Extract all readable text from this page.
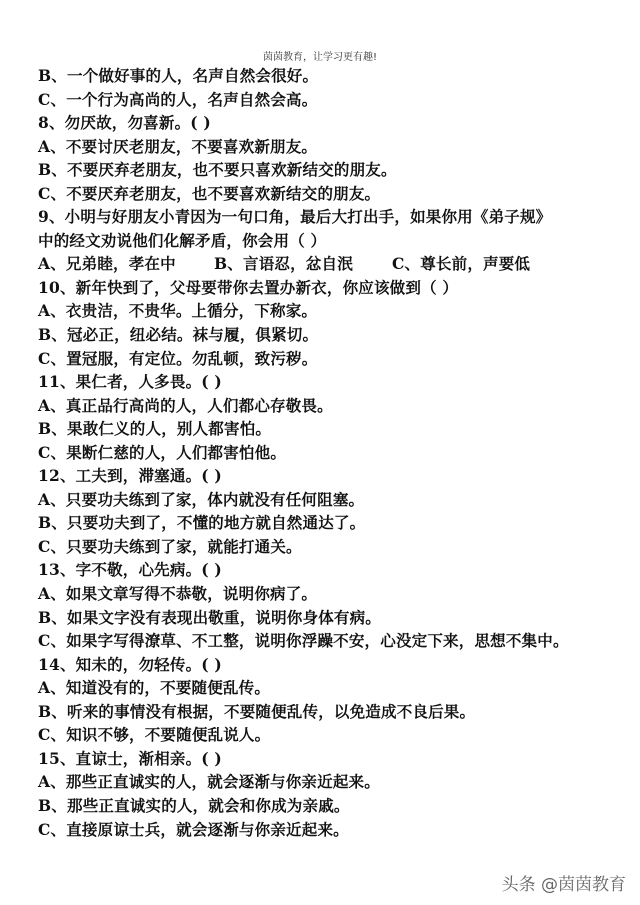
茵茵教育，让学习更有趣!
B、一个做好事的人，名声自然会很好。
C、一个行为高尚的人，名声自然会高。
8、勿厌故，勿喜新。( )
A、不要讨厌老朋友，不要喜欢新朋友。
B、不要厌弃老朋友，也不要只喜欢新结交的朋友。
C、不要厌弃老朋友，也不要喜欢新结交的朋友。
9、小明与好朋友小青因为一句口角，最后大打出手，如果你用《弟子规》
中的经文劝说他们化解矛盾，你会用（ ）
A、兄弟睦，孝在中	B、言语忍，忿自泯	C、尊长前，声要低
10、新年快到了，父母要带你去置办新衣，你应该做到（ ）
A、衣贵洁，不贵华。上循分，下称家。
B、冠必正，纽必结。袜与履，俱紧切。
C、置冠服，有定位。勿乱顿，致污秽。
11、果仁者，人多畏。( )
A、真正品行高尚的人，人们都心存敬畏。
B、果敢仁义的人，别人都害怕。
C、果断仁慈的人，人们都害怕他。
12、工夫到，滞塞通。( )
A、只要功夫练到了家，体内就没有任何阻塞。
B、只要功夫到了，不懂的地方就自然通达了。
C、只要功夫练到了家，就能打通关。
13、字不敬，心先病。( )
A、如果文章写得不恭敬，说明你病了。
B、如果文字没有表现出敬重，说明你身体有病。
C、如果字写得潦草、不工整，说明你浮躁不安，心没定下来，思想不集中。
14、知未的，勿轻传。( )
A、知道没有的，不要随便乱传。
B、听来的事情没有根据，不要随便乱传，以免造成不良后果。
C、知识不够，不要随便乱说人。
15、直谅士，渐相亲。( )
A、那些正直诚实的人，就会逐渐与你亲近起来。
B、那些正直诚实的人，就会和你成为亲戚。
C、直接原谅士兵，就会逐渐与你亲近起来。
头条 @茵茵教育
